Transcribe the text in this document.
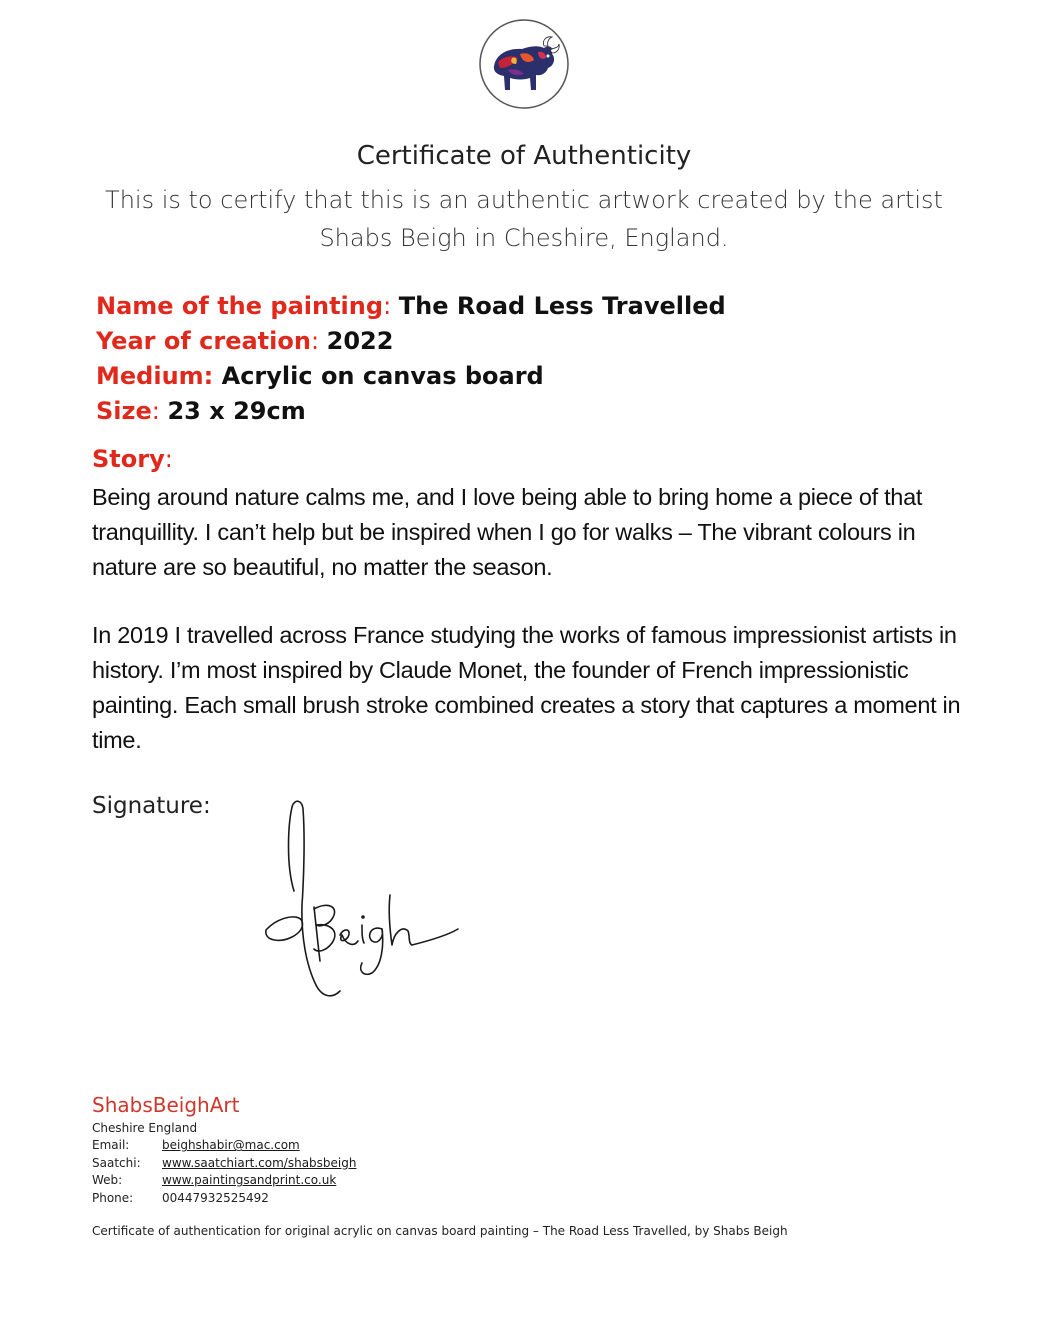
Certificate of Authenticity
This is to certify that this is an authentic artwork created by the artist
Shabs Beigh in Cheshire, England.
Name of the painting: The Road Less Travelled
Year of creation: 2022
Medium: Acrylic on canvas board
Size: 23 x 29cm
Story:
Being around nature calms me, and I love being able to bring home a piece of that tranquillity. I can’t help but be inspired when I go for walks – The vibrant colours in nature are so beautiful, no matter the season.
In 2019 I travelled across France studying the works of famous impressionist artists in history. I’m most inspired by Claude Monet, the founder of French impressionistic painting. Each small brush stroke combined creates a story that captures a moment in time.
Signature:
ShabsBeighArt
Cheshire England
Email:	beighshabir@mac.com
Saatchi:	www.saatchiart.com/shabsbeigh
Web:	www.paintingsandprint.co.uk
Phone:	00447932525492
Certificate of authentication for original acrylic on canvas board painting – The Road Less Travelled, by Shabs Beigh
